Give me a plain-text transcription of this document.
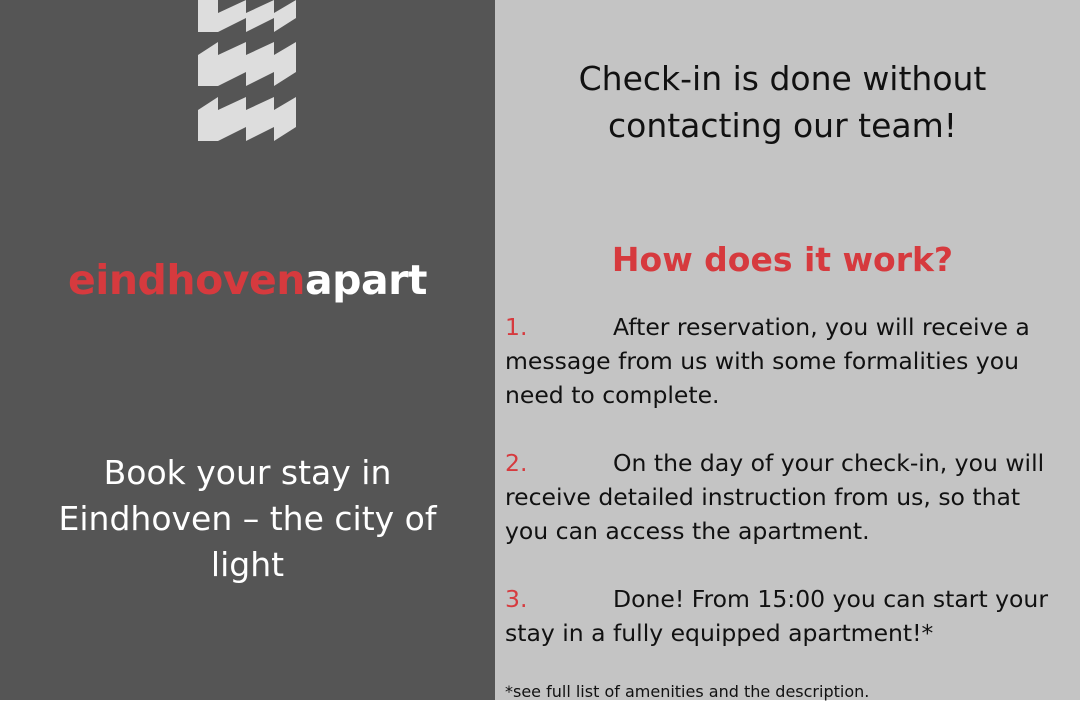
eindhovenapart
Book your stay in Eindhoven – the city of light
Check-in is done without contacting our team!
How does it work?
1.	After reservation, you will receive a message from us with some formalities you need to complete.
2.	On the day of your check-in, you will receive detailed instruction from us, so that you can access the apartment.
3.	Done! From 15:00 you can start your stay in a fully equipped apartment!*
*see full list of amenities and the description.
